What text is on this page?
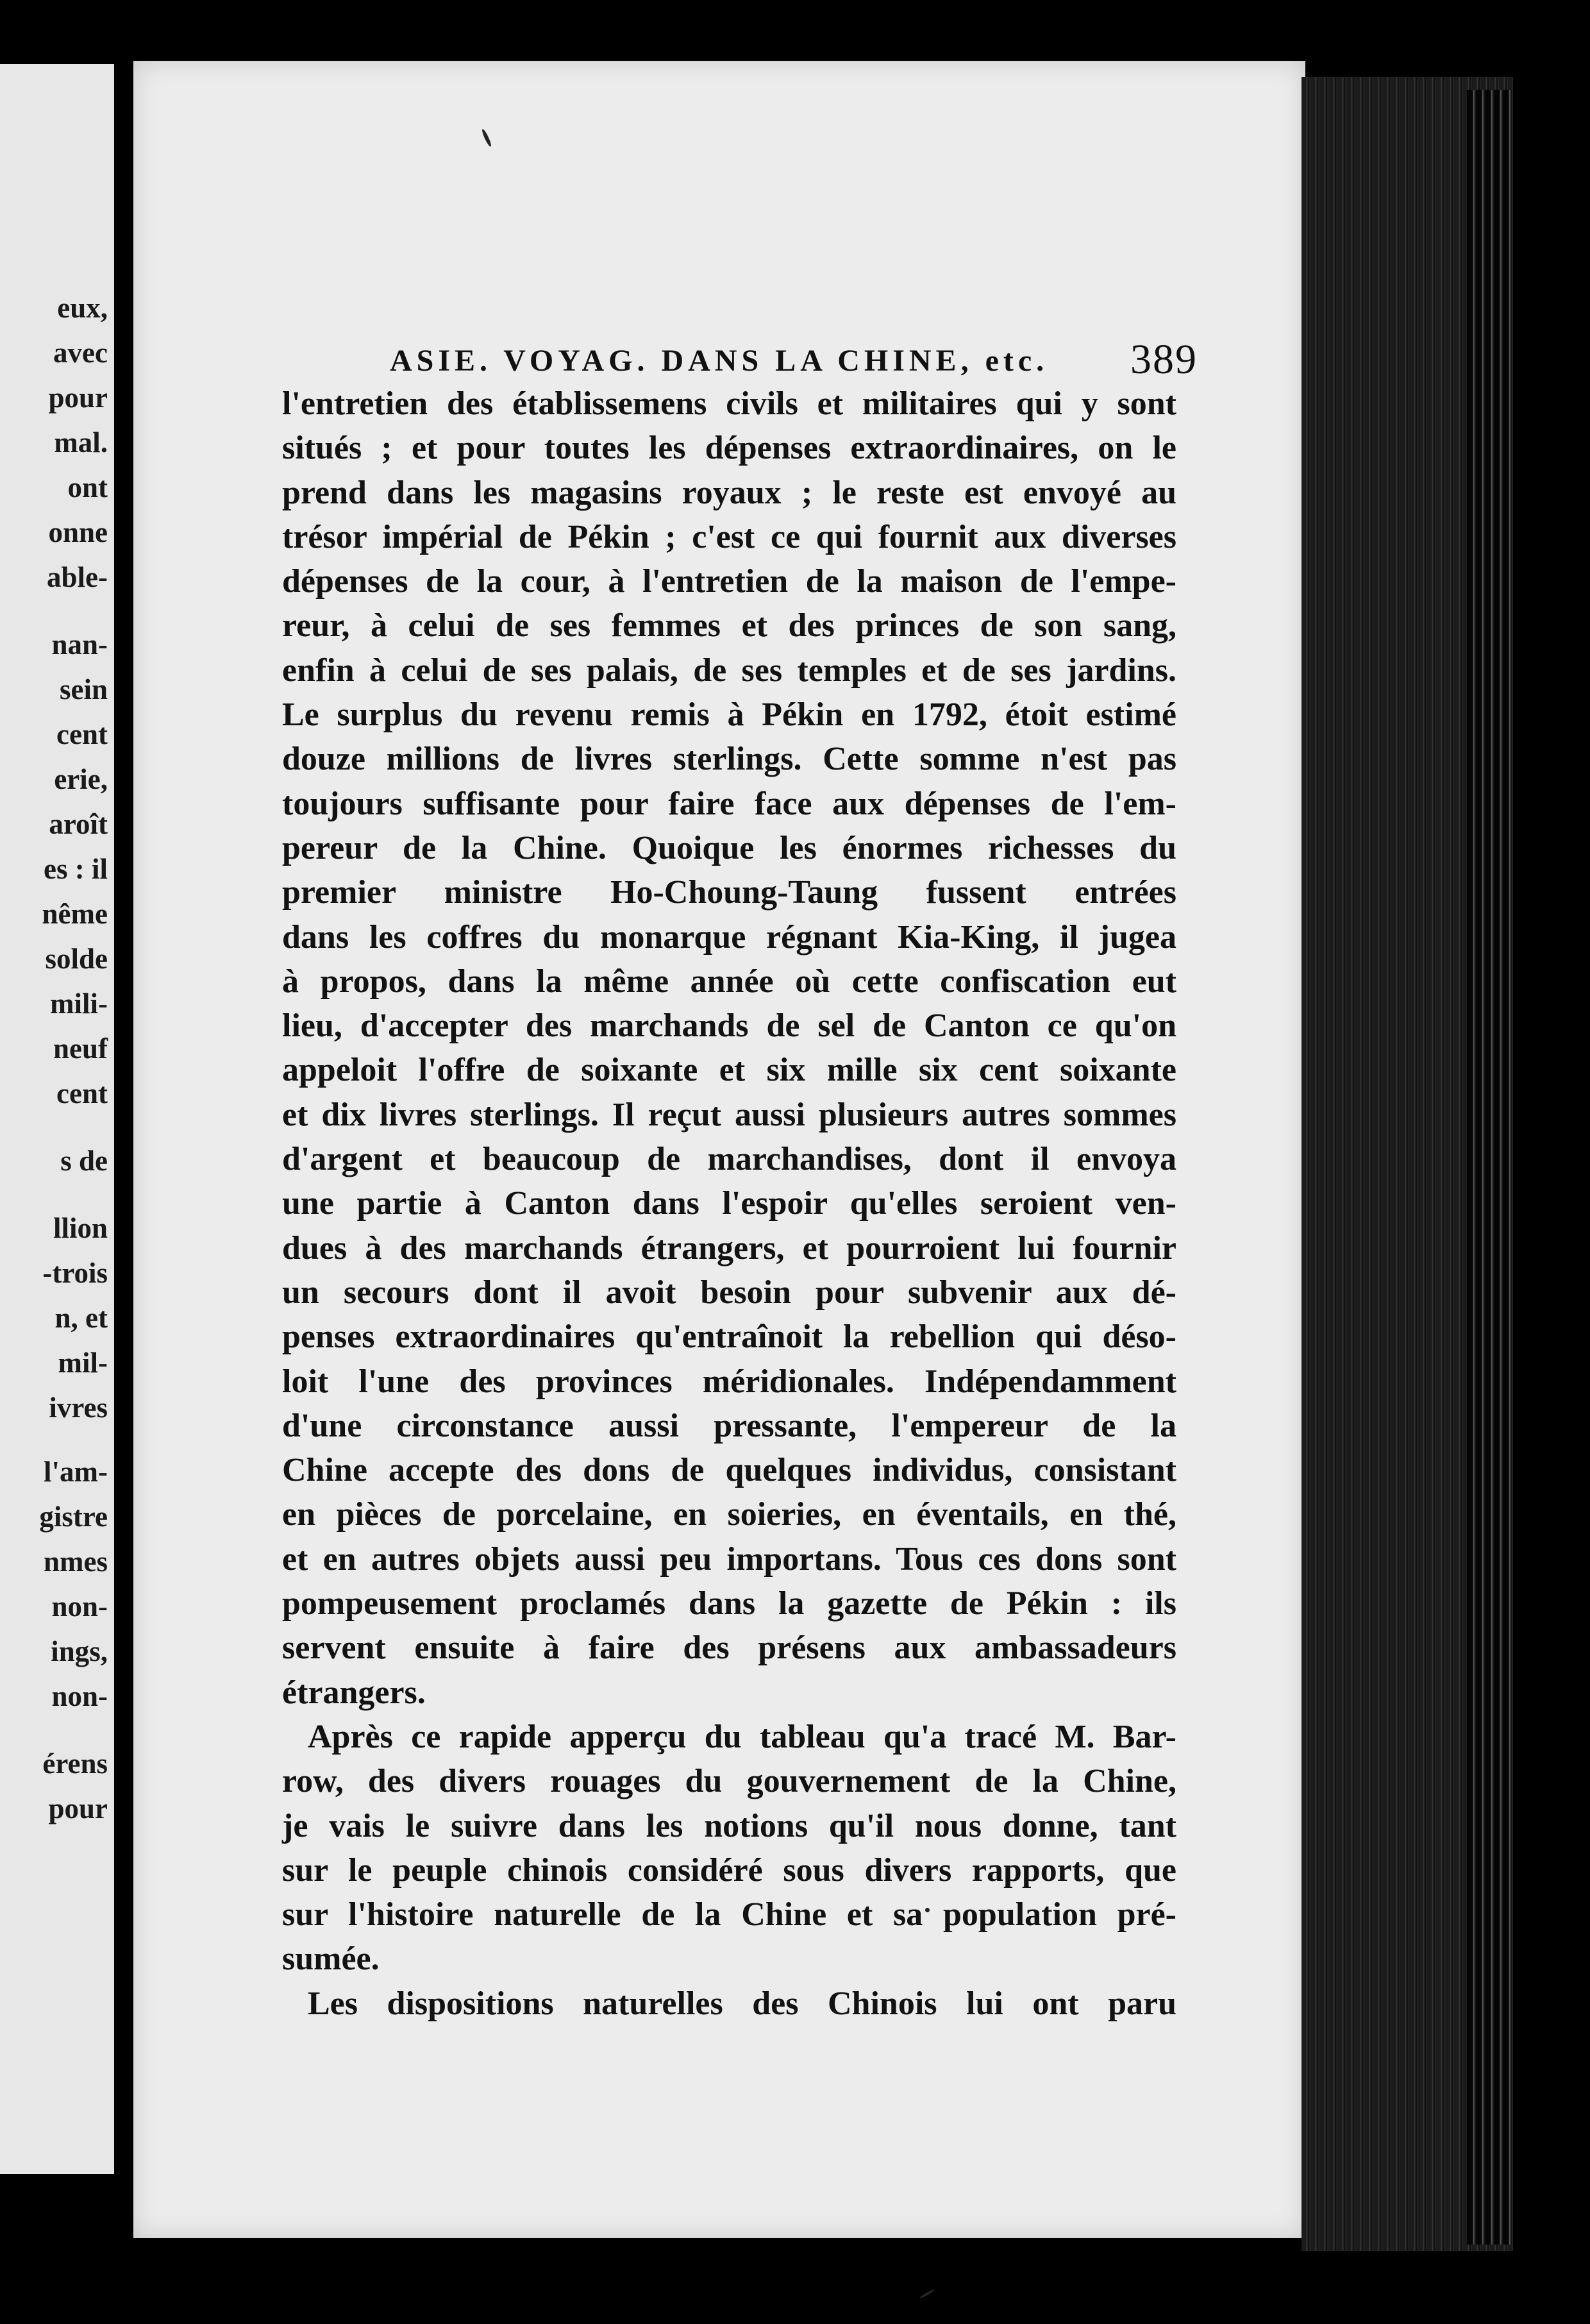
eux,
avec
pour
mal.
ont
onne
able-
nan-
sein
cent
erie,
aroît
es : il
nême
solde
mili-
neuf
cent
s de
llion
-trois
n, et
mil-
ivres
l'am-
gistre
nmes
non-
ings,
non-
érens
pour
ASIE. VOYAG. DANS LA CHINE, etc. 389
l'entretien des établissemens civils et militaires qui y sont
situés ; et pour toutes les dépenses extraordinaires, on le
prend dans les magasins royaux ; le reste est envoyé au
trésor impérial de Pékin ; c'est ce qui fournit aux diverses
dépenses de la cour, à l'entretien de la maison de l'empe-
reur, à celui de ses femmes et des princes de son sang,
enfin à celui de ses palais, de ses temples et de ses jardins.
Le surplus du revenu remis à Pékin en 1792, étoit estimé
douze millions de livres sterlings. Cette somme n'est pas
toujours suffisante pour faire face aux dépenses de l'em-
pereur de la Chine. Quoique les énormes richesses du
premier ministre Ho-Choung-Taung fussent entrées
dans les coffres du monarque régnant Kia-King, il jugea
à propos, dans la même année où cette confiscation eut
lieu, d'accepter des marchands de sel de Canton ce qu'on
appeloit l'offre de soixante et six mille six cent soixante
et dix livres sterlings. Il reçut aussi plusieurs autres sommes
d'argent et beaucoup de marchandises, dont il envoya
une partie à Canton dans l'espoir qu'elles seroient ven-
dues à des marchands étrangers, et pourroient lui fournir
un secours dont il avoit besoin pour subvenir aux dé-
penses extraordinaires qu'entraînoit la rebellion qui déso-
loit l'une des provinces méridionales. Indépendamment
d'une circonstance aussi pressante, l'empereur de la
Chine accepte des dons de quelques individus, consistant
en pièces de porcelaine, en soieries, en éventails, en thé,
et en autres objets aussi peu importans. Tous ces dons sont
pompeusement proclamés dans la gazette de Pékin : ils
servent ensuite à faire des présens aux ambassadeurs
étrangers.
Après ce rapide apperçu du tableau qu'a tracé M. Bar-
row, des divers rouages du gouvernement de la Chine,
je vais le suivre dans les notions qu'il nous donne, tant
sur le peuple chinois considéré sous divers rapports, que
sur l'histoire naturelle de la Chine et sa population pré-
sumée.
Les dispositions naturelles des Chinois lui ont paru
